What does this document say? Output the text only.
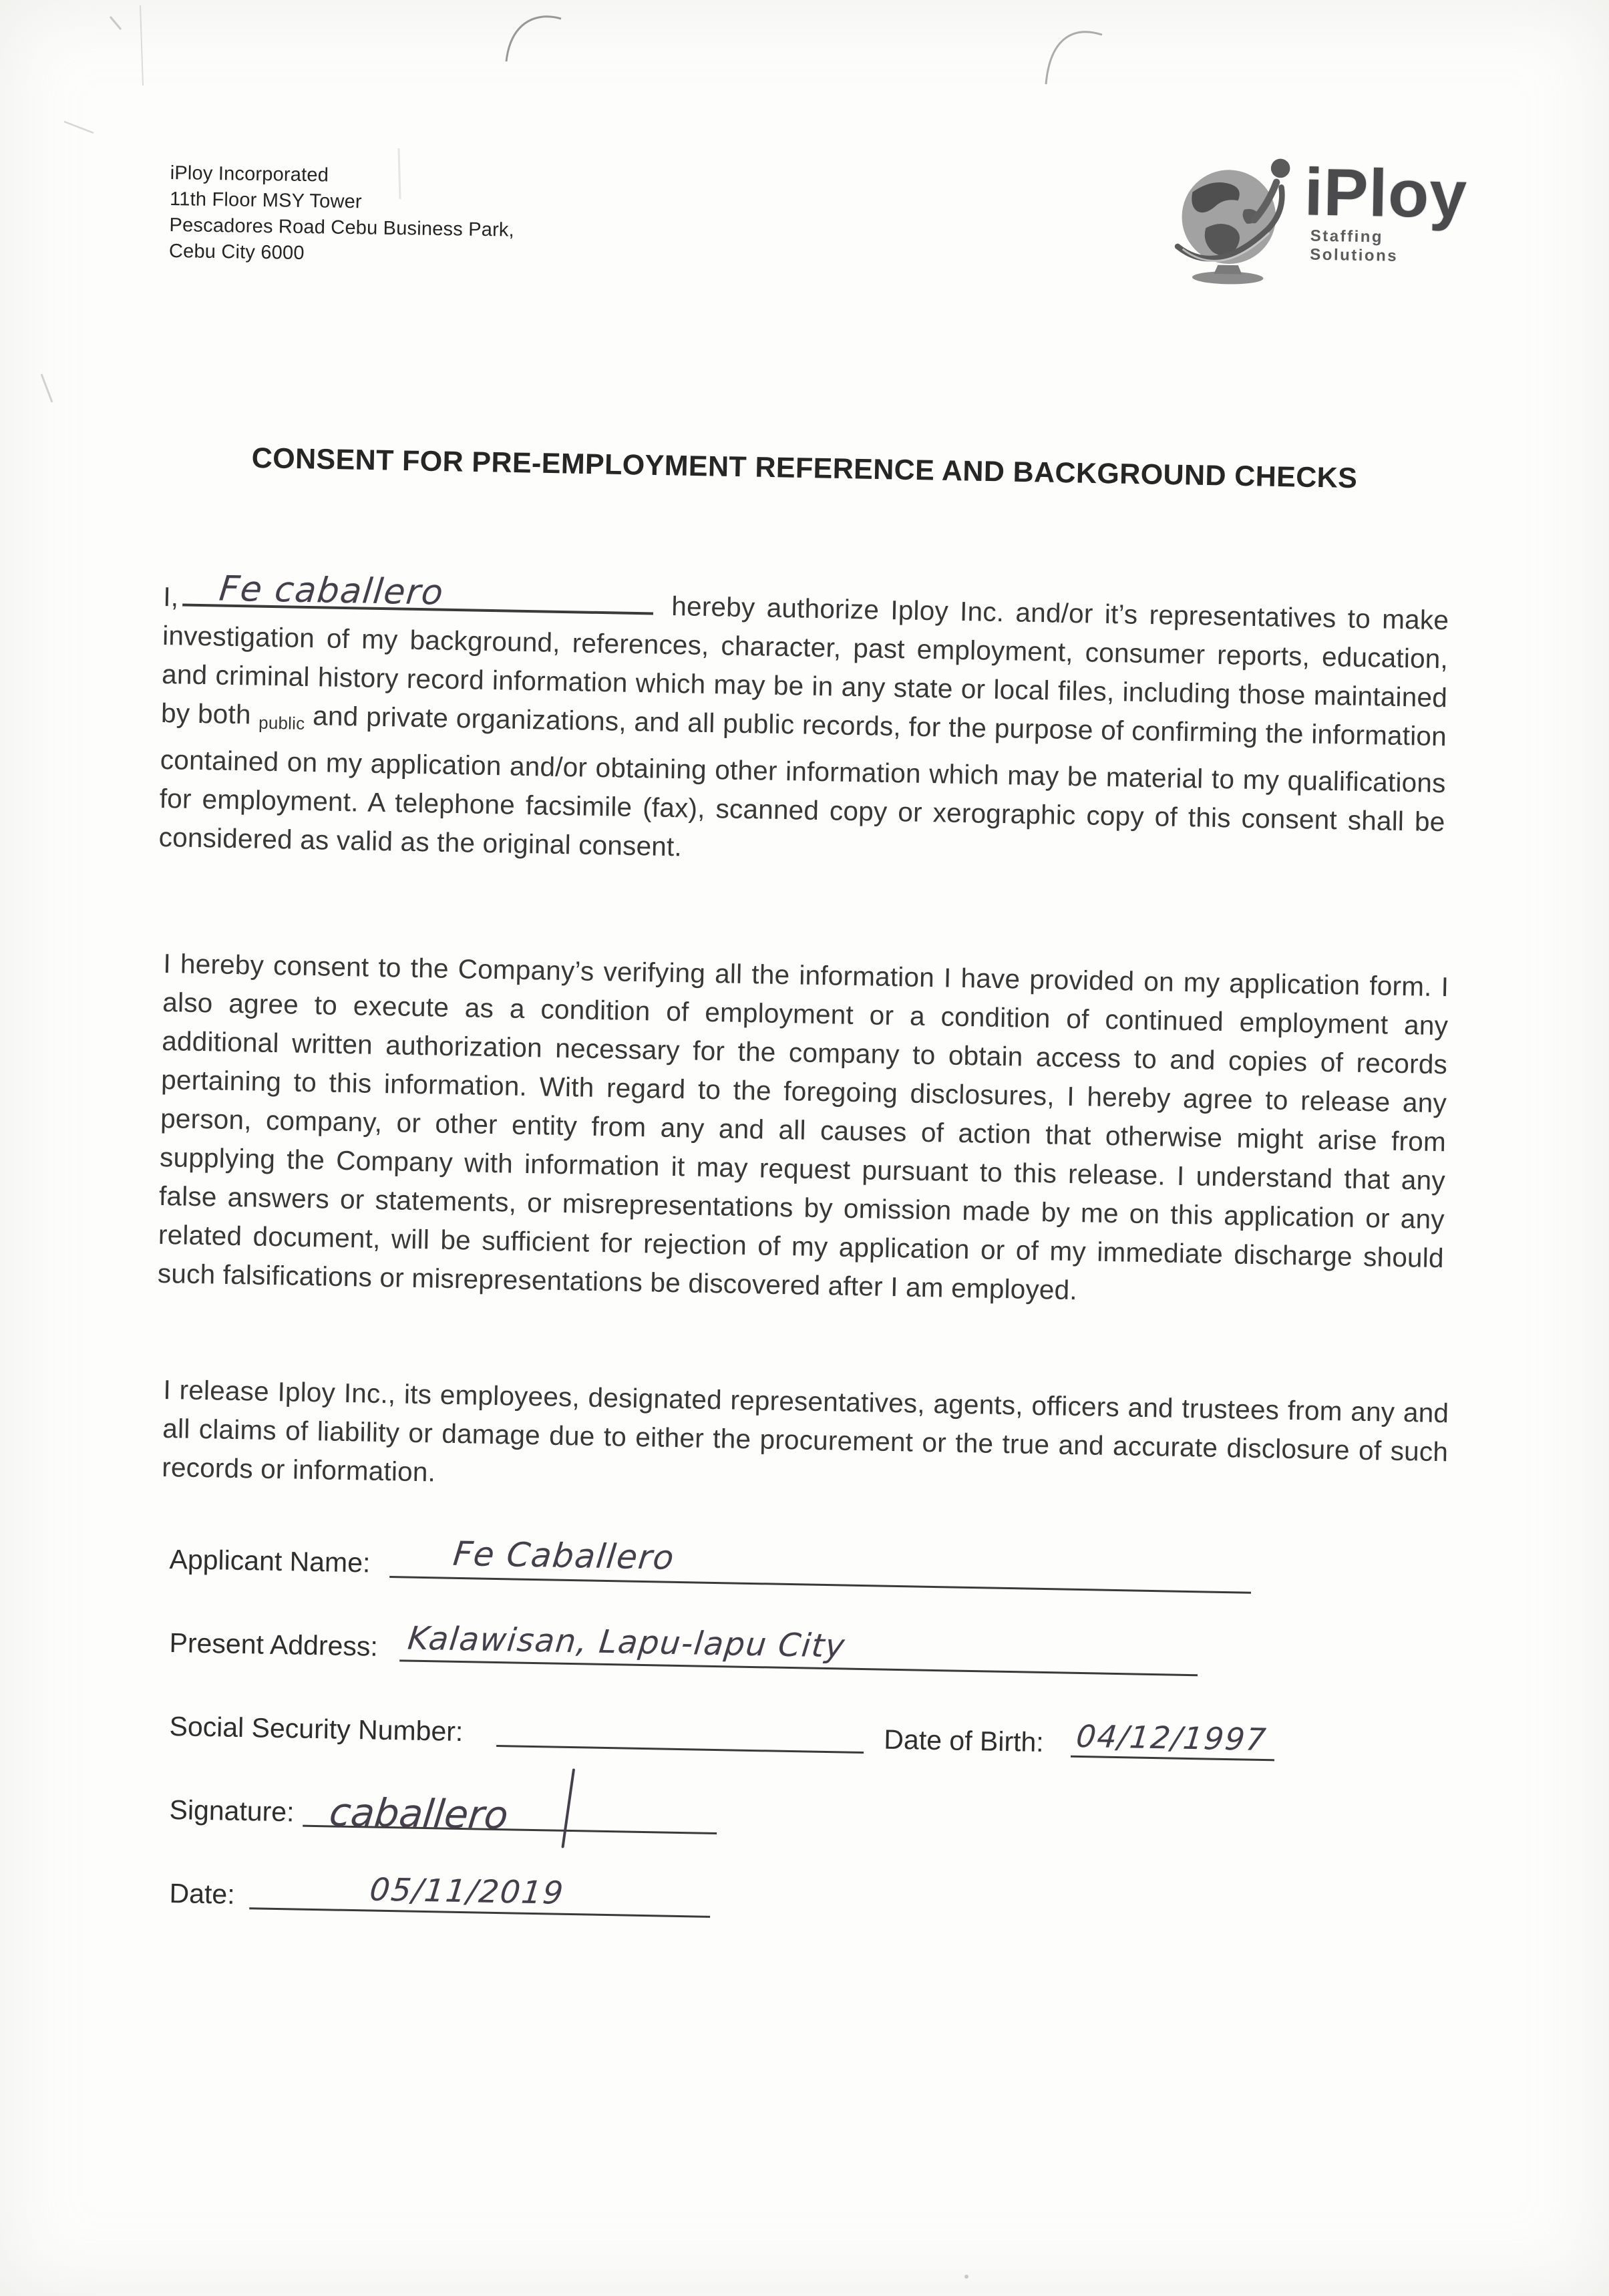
iPloy Incorporated
11th Floor MSY Tower
Pescadores Road Cebu Business Park,
Cebu City 6000
iPloy
Staffing Solutions
CONSENT FOR PRE-EMPLOYMENT REFERENCE AND BACKGROUND CHECKS

I, Fe caballero	hereby authorize Iploy Inc. and/or it’s representatives to make investigation of my background, references, character, past employment, consumer reports, education, and criminal history record information which may be in any state or local files, including those maintained by both public and private organizations, and all public records, for the purpose of confirming the information contained on my application and/or obtaining other information which may be material to my qualifications for employment. A telephone facsimile (fax), scanned copy or xerographic copy of this consent shall be considered as valid as the original consent.

I hereby consent to the Company’s verifying all the information I have provided on my application form. I also agree to execute as a condition of employment or a condition of continued employment any additional written authorization necessary for the company to obtain access to and copies of records pertaining to this information. With regard to the foregoing disclosures, I hereby agree to release any person, company, or other entity from any and all causes of action that otherwise might arise from supplying the Company with information it may request pursuant to this release. I understand that any false answers or statements, or misrepresentations by omission made by me on this application or any related document, will be sufficient for rejection of my application or of my immediate discharge should such falsifications or misrepresentations be discovered after I am employed.

I release Iploy Inc., its employees, designated representatives, agents, officers and trustees from any and all claims of liability or damage due to either the procurement or the true and accurate disclosure of such records or information.

Applicant Name: Fe Caballero
Present Address: Kalawisan, Lapu-lapu City
Social Security Number:	Date of Birth: 04/12/1997
Signature: caballero
Date:	05/11/2019
